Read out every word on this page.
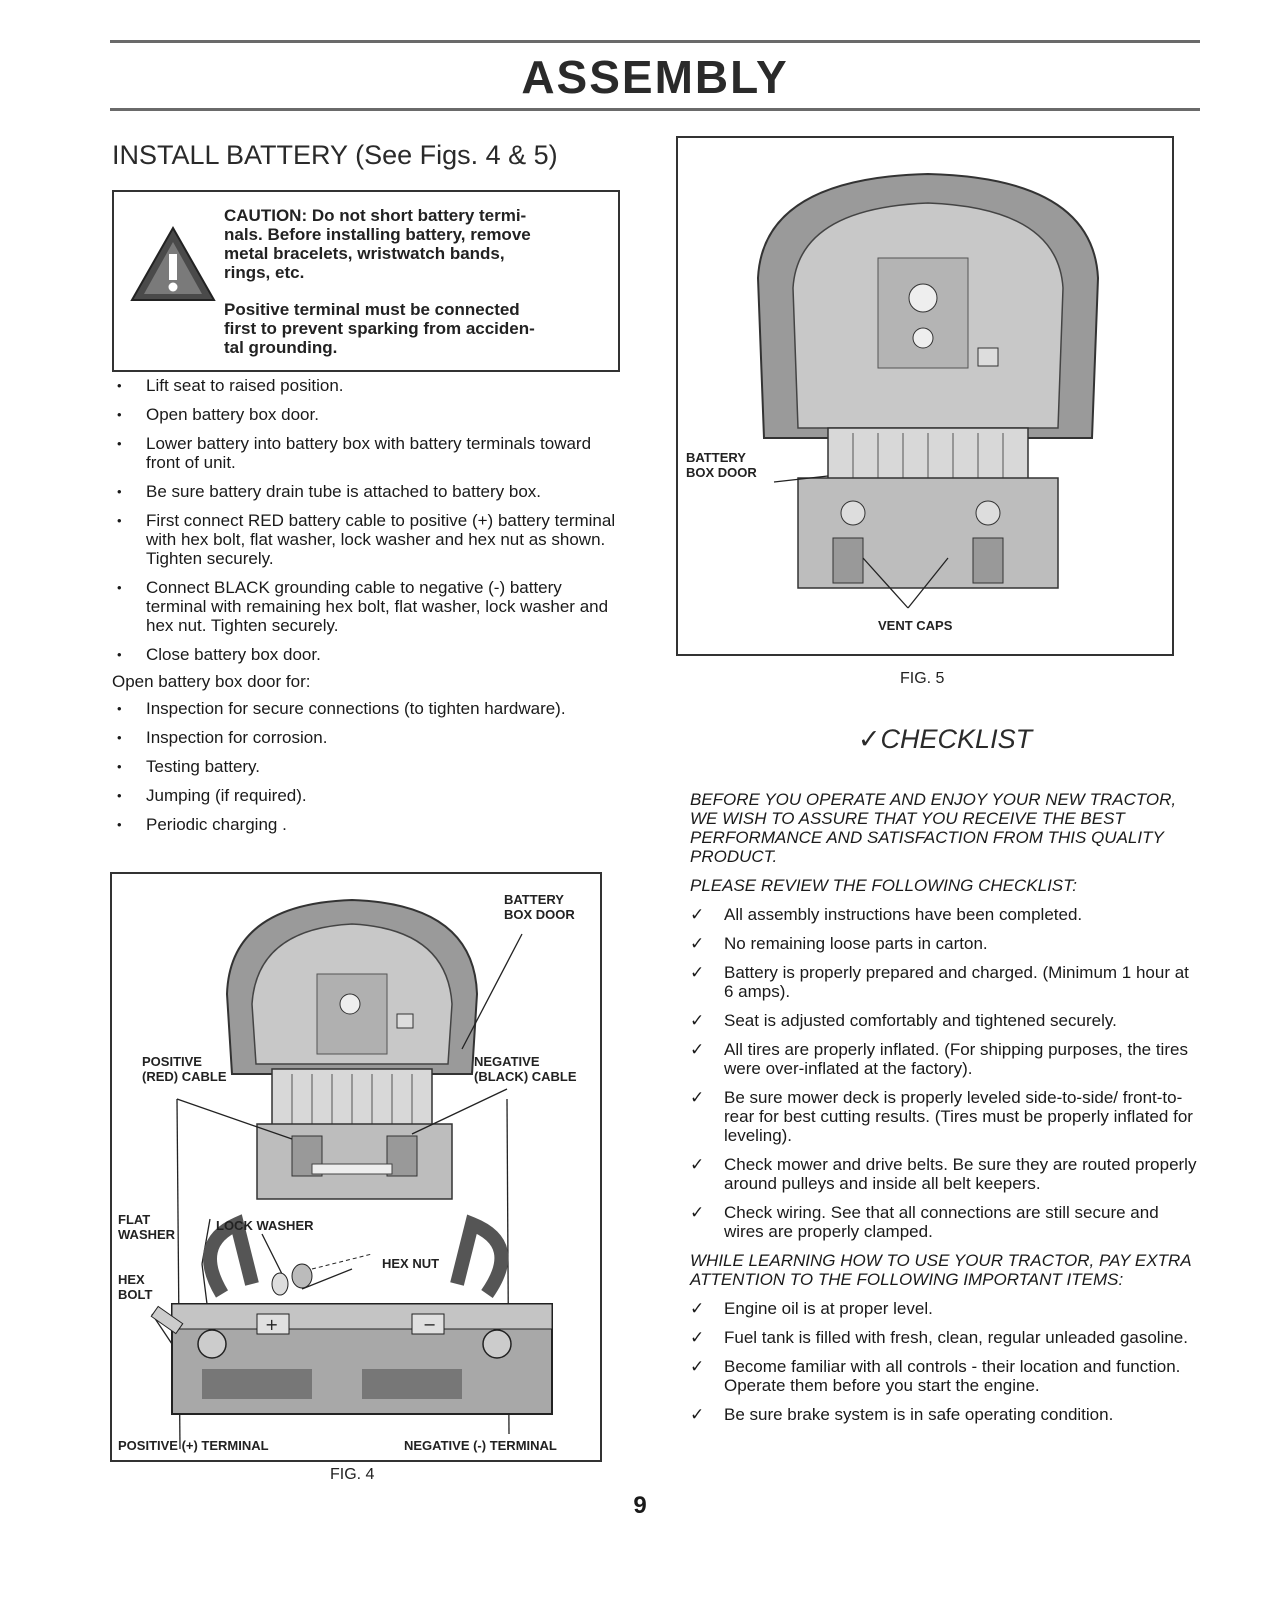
ASSEMBLY
INSTALL BATTERY (See Figs. 4 & 5)
CAUTION: Do not short battery termi-
nals. Before installing battery, remove
metal bracelets, wristwatch bands,
rings, etc.
Positive terminal must be connected
first to prevent sparking from acciden-
tal grounding.
• Lift seat to raised position.
• Open battery box door.
• Lower battery into battery box with battery terminals toward front of unit.
• Be sure battery drain tube is attached to battery box.
• First connect RED battery cable to positive (+) battery terminal with hex bolt, flat washer, lock washer and hex nut as shown. Tighten securely.
• Connect BLACK grounding cable to negative (-) battery terminal with remaining hex bolt, flat washer, lock washer and hex nut. Tighten securely.
• Close battery box door.
Open battery box door for:
• Inspection for secure connections (to tighten hardware).
• Inspection for corrosion.
• Testing battery.
• Jumping (if required).
• Periodic charging .
+	−
BATTERY
BOX DOOR
POSITIVE
(RED) CABLE
NEGATIVE
(BLACK) CABLE
FLAT
WASHER
LOCK WASHER
HEX NUT
HEX
BOLT
POSITIVE (+) TERMINAL	NEGATIVE (-) TERMINAL
FIG. 4
BATTERY
BOX DOOR
VENT CAPS
FIG. 5
✓CHECKLIST
BEFORE YOU OPERATE AND ENJOY YOUR NEW TRACTOR, WE WISH TO ASSURE THAT YOU RECEIVE THE BEST PERFORMANCE AND SATISFACTION FROM THIS QUALITY PRODUCT.
PLEASE REVIEW THE FOLLOWING CHECKLIST:
✓ All assembly instructions have been completed.
✓ No remaining loose parts in carton.
✓ Battery is properly prepared and charged. (Minimum 1 hour at 6 amps).
✓ Seat is adjusted comfortably and tightened securely.
✓ All tires are properly inflated. (For shipping purposes, the tires were over-inflated at the factory).
✓ Be sure mower deck is properly leveled side-to-side/ front-to-rear for best cutting results. (Tires must be properly inflated for leveling).
✓ Check mower and drive belts. Be sure they are routed properly around pulleys and inside all belt keepers.
✓ Check wiring. See that all connections are still secure and wires are properly clamped.
WHILE LEARNING HOW TO USE YOUR TRACTOR, PAY EXTRA ATTENTION TO THE FOLLOWING IMPORTANT ITEMS:
✓ Engine oil is at proper level.
✓ Fuel tank is filled with fresh, clean, regular unleaded gasoline.
✓ Become familiar with all controls - their location and function. Operate them before you start the engine.
✓ Be sure brake system is in safe operating condition.
9
